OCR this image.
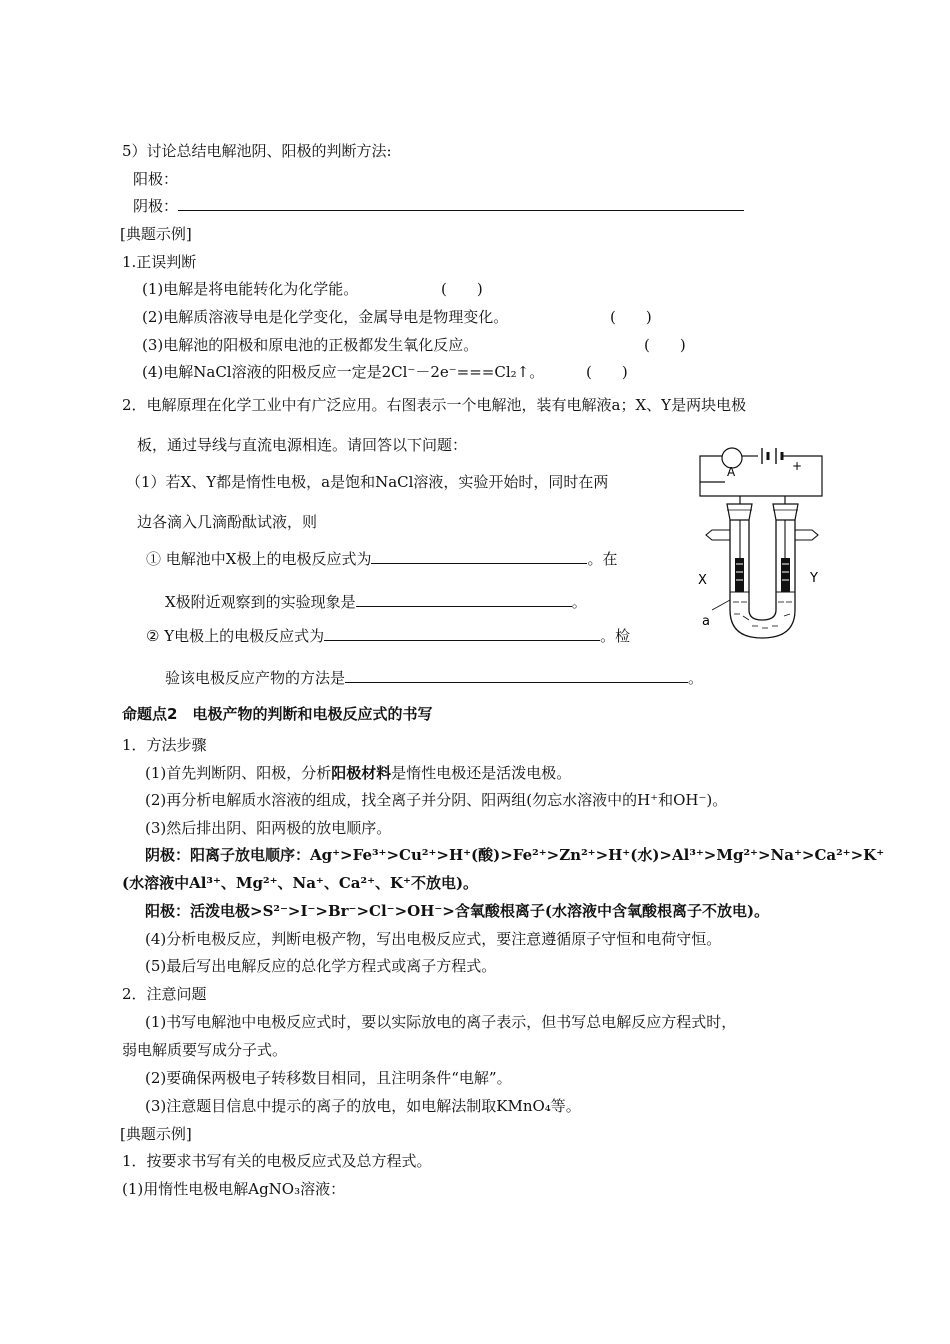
5）讨论总结电解池阴、阳极的判断方法:
阳极：
阴极：
[典题示例]
1.正误判断
(1)电解是将电能转化为化学能。	(　　)
(2)电解质溶液导电是化学变化，金属导电是物理变化。	(　　)
(3)电解池的阳极和原电池的正极都发生氧化反应。	(　　)
(4)电解NaCl溶液的阳极反应一定是2Cl⁻－2e⁻===Cl₂↑。	(　　)
2．电解原理在化学工业中有广泛应用。右图表示一个电解池，装有电解液a；X、Y是两块电极
板，通过导线与直流电源相连。请回答以下问题：
（1）若X、Y都是惰性电极，a是饱和NaCl溶液，实验开始时，同时在两
边各滴入几滴酚酞试液，则
① 电解池中X极上的电极反应式为	。在
X极附近观察到的实验现象是	。
② Y电极上的电极反应式为	。检
验该电极反应产物的方法是	。
A	+
X	Y
a
命题点2　电极产物的判断和电极反应式的书写
1．方法步骤
(1)首先判断阴、阳极，分析阳极材料是惰性电极还是活泼电极。
(2)再分析电解质水溶液的组成，找全离子并分阴、阳两组(勿忘水溶液中的H⁺和OH⁻)。
(3)然后排出阴、阳两极的放电顺序。
阴极：阳离子放电顺序：Ag⁺>Fe³⁺>Cu²⁺>H⁺(酸)>Fe²⁺>Zn²⁺>H⁺(水)>Al³⁺>Mg²⁺>Na⁺>Ca²⁺>K⁺
(水溶液中Al³⁺、Mg²⁺、Na⁺、Ca²⁺、K⁺不放电)。
阳极：活泼电极>S²⁻>I⁻>Br⁻>Cl⁻>OH⁻>含氧酸根离子(水溶液中含氧酸根离子不放电)。
(4)分析电极反应，判断电极产物，写出电极反应式，要注意遵循原子守恒和电荷守恒。
(5)最后写出电解反应的总化学方程式或离子方程式。
2．注意问题
(1)书写电解池中电极反应式时，要以实际放电的离子表示，但书写总电解反应方程式时，
弱电解质要写成分子式。
(2)要确保两极电子转移数目相同，且注明条件“电解”。
(3)注意题目信息中提示的离子的放电，如电解法制取KMnO₄等。
[典题示例]
1．按要求书写有关的电极反应式及总方程式。
(1)用惰性电极电解AgNO₃溶液：
